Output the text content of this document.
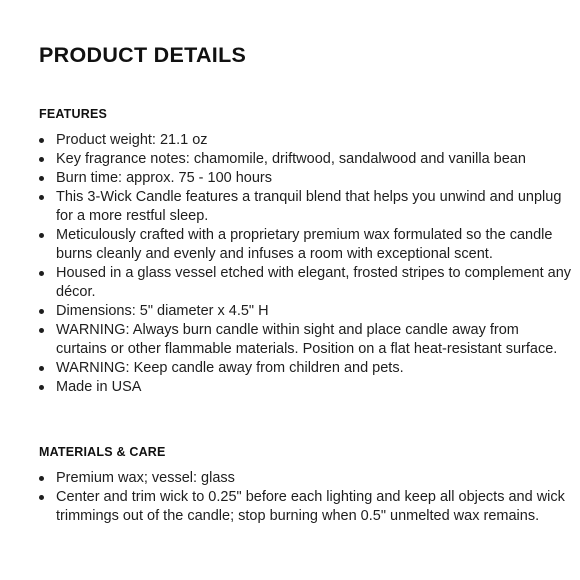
PRODUCT DETAILS
FEATURES
Product weight: 21.1 oz
Key fragrance notes: chamomile, driftwood, sandalwood and vanilla bean
Burn time: approx. 75 - 100 hours
This 3-Wick Candle features a tranquil blend that helps you unwind and unplug for a more restful sleep.
Meticulously crafted with a proprietary premium wax formulated so the candle burns cleanly and evenly and infuses a room with exceptional scent.
Housed in a glass vessel etched with elegant, frosted stripes to complement any décor.
Dimensions: 5" diameter x 4.5" H
WARNING: Always burn candle within sight and place candle away from curtains or other flammable materials. Position on a flat heat-resistant surface.
WARNING: Keep candle away from children and pets.
Made in USA
MATERIALS & CARE
Premium wax; vessel: glass
Center and trim wick to 0.25" before each lighting and keep all objects and wick trimmings out of the candle; stop burning when 0.5" unmelted wax remains.
